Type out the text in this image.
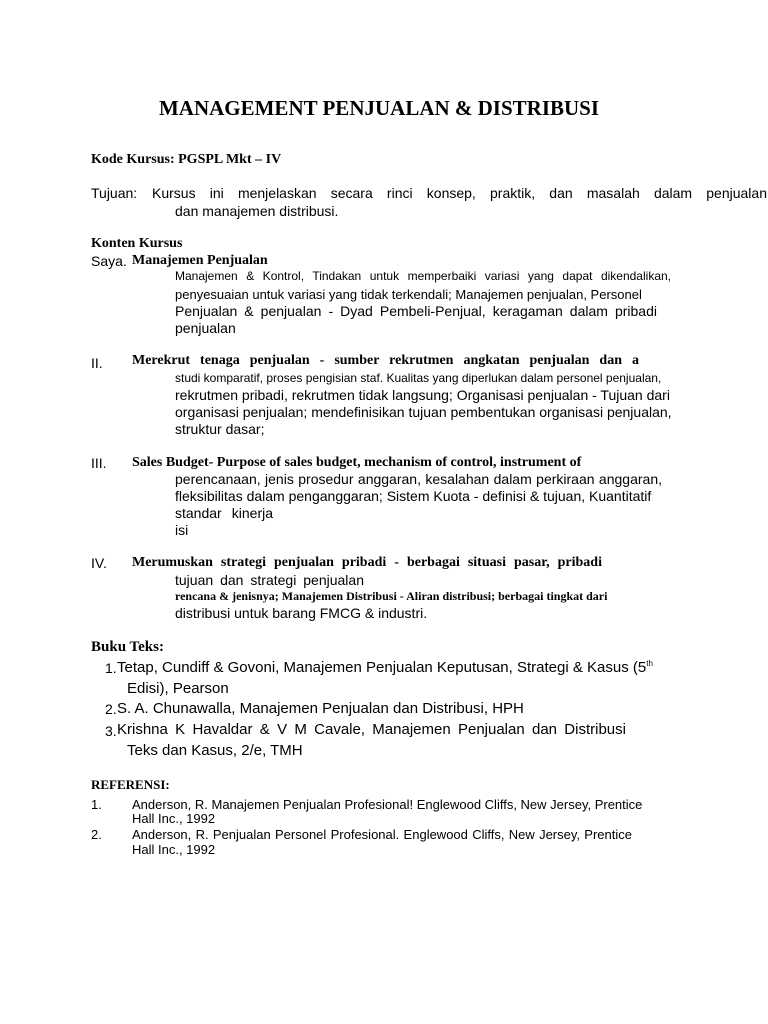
MANAGEMENT PENJUALAN & DISTRIBUSI
Kode Kursus: PGSPL Mkt – IV
Tujuan: Kursus ini menjelaskan secara rinci konsep, praktik, dan masalah dalam penjualan
dan manajemen distribusi.
Konten Kursus
Saya. Manajemen Penjualan
Manajemen & Kontrol, Tindakan untuk memperbaiki variasi yang dapat dikendalikan,
penyesuaian untuk variasi yang tidak terkendali; Manajemen penjualan, Personel
Penjualan & penjualan - Dyad Pembeli-Penjual, keragaman dalam pribadi
penjualan
II. Merekrut tenaga penjualan - sumber rekrutmen angkatan penjualan dan a
studi komparatif, proses pengisian staf. Kualitas yang diperlukan dalam personel penjualan,
rekrutmen pribadi, rekrutmen tidak langsung; Organisasi penjualan - Tujuan dari
organisasi penjualan; mendefinisikan tujuan pembentukan organisasi penjualan,
struktur dasar;
III. Sales Budget- Purpose of sales budget, mechanism of control, instrument of
perencanaan, jenis prosedur anggaran, kesalahan dalam perkiraan anggaran,
fleksibilitas dalam penganggaran; Sistem Kuota - definisi & tujuan, Kuantitatif
standar kinerja
isi
IV. Merumuskan strategi penjualan pribadi - berbagai situasi pasar, pribadi
tujuan dan strategi penjualan
rencana & jenisnya; Manajemen Distribusi - Aliran distribusi; berbagai tingkat dari
distribusi untuk barang FMCG & industri.
Buku Teks:
1. Tetap, Cundiff & Govoni, Manajemen Penjualan Keputusan, Strategi & Kasus (5th
Edisi), Pearson
2. S. A. Chunawalla, Manajemen Penjualan dan Distribusi, HPH
3. Krishna K Havaldar & V M Cavale, Manajemen Penjualan dan Distribusi
Teks dan Kasus, 2/e, TMH
REFERENSI:
1. Anderson, R. Manajemen Penjualan Profesional! Englewood Cliffs, New Jersey, Prentice
Hall Inc., 1992
2. Anderson, R. Penjualan Personel Profesional. Englewood Cliffs, New Jersey, Prentice
Hall Inc., 1992
